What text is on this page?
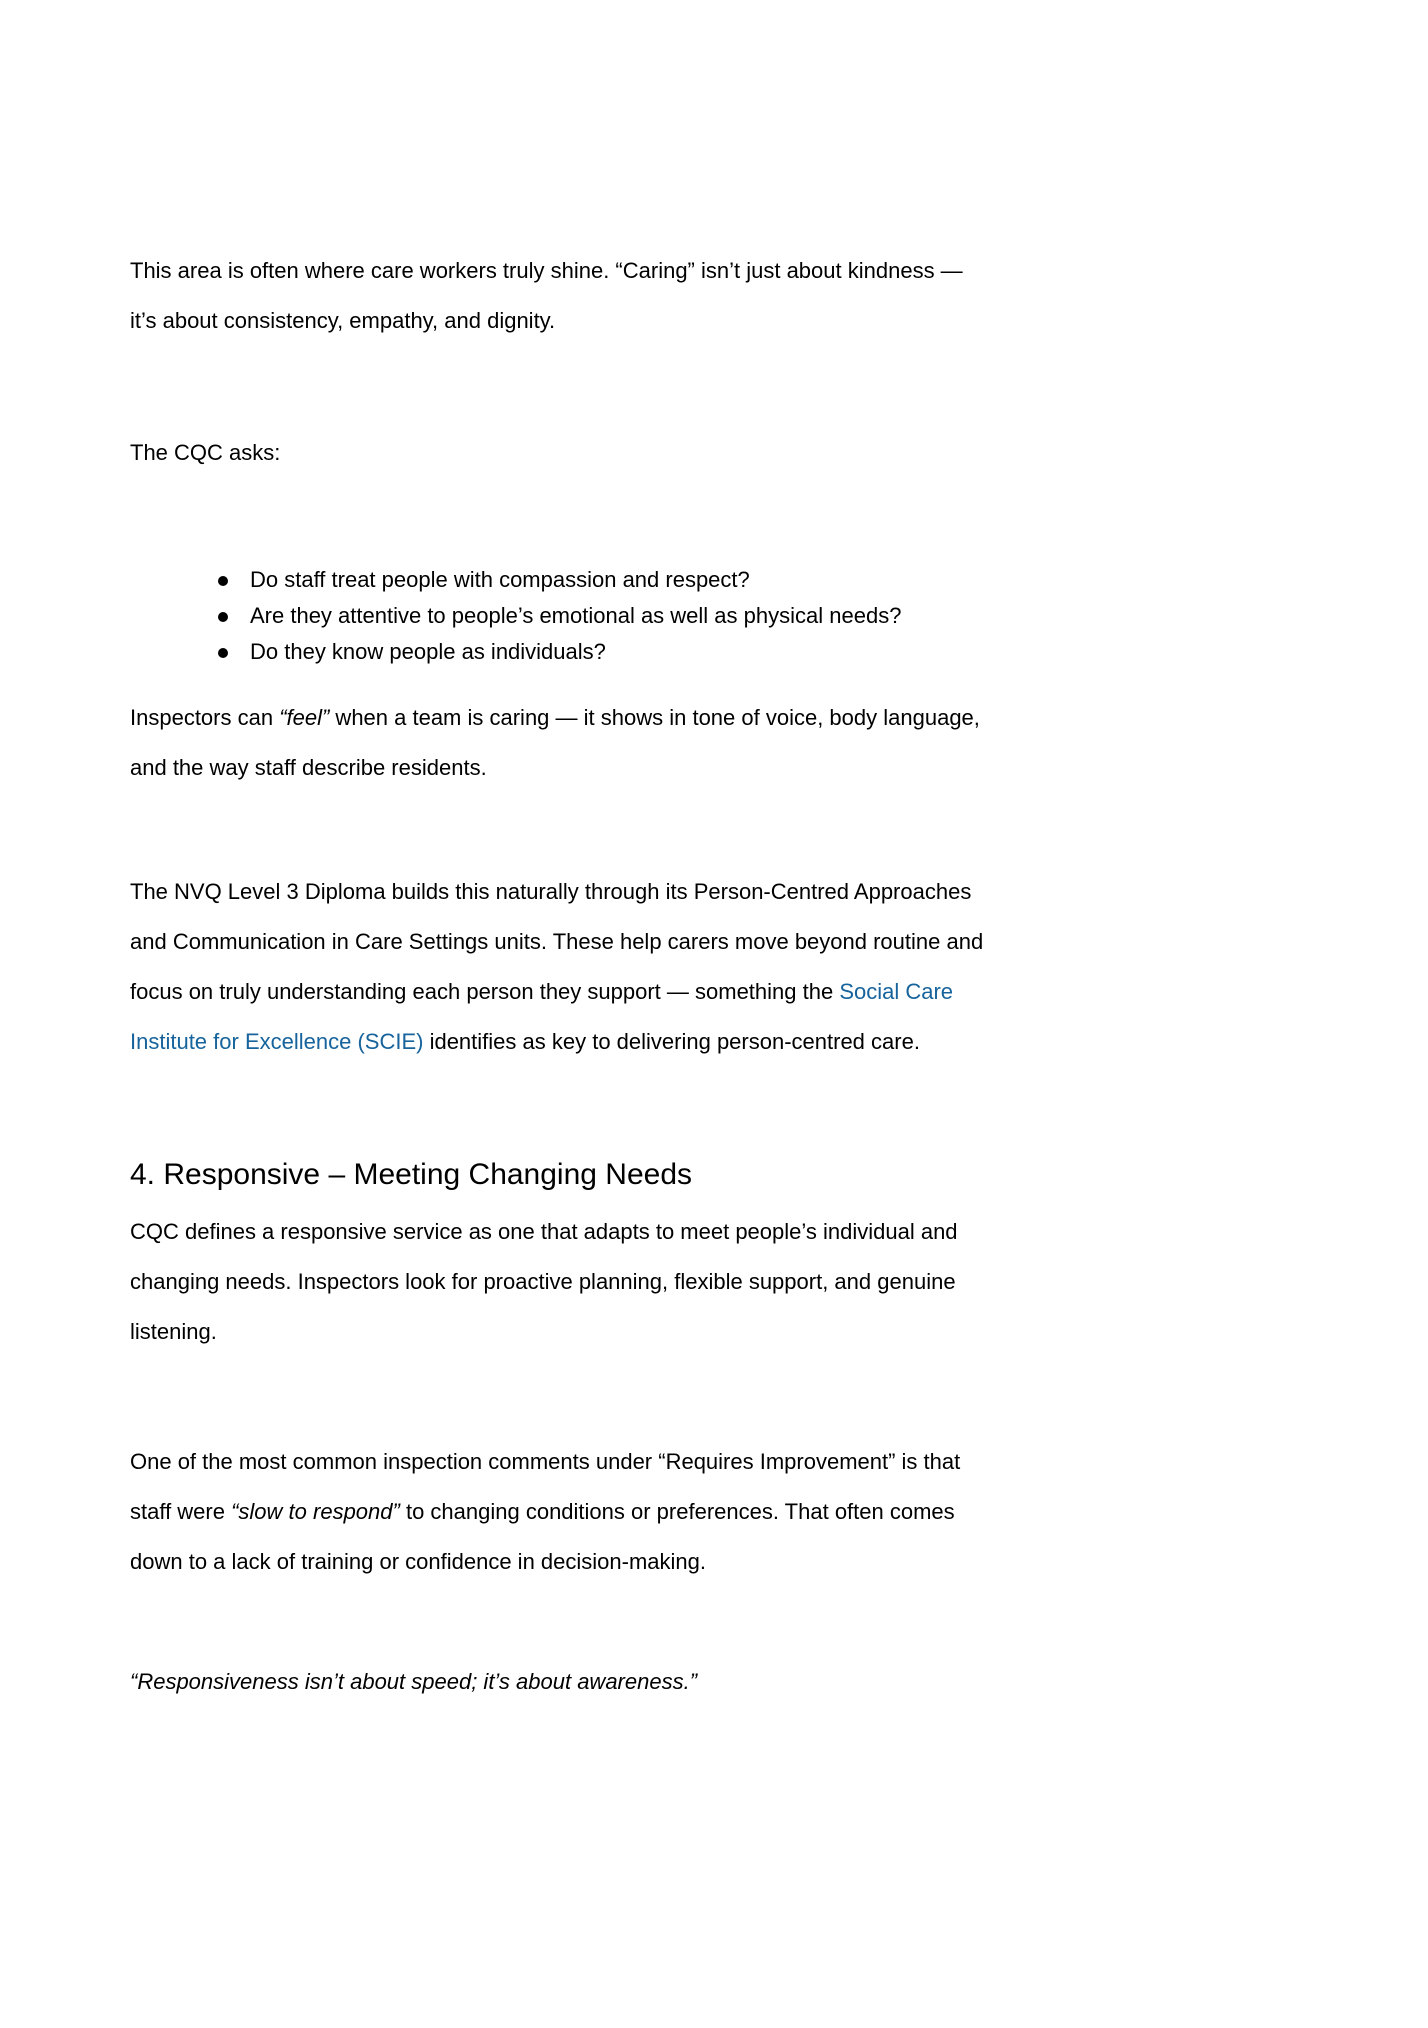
This area is often where care workers truly shine. “Caring” isn’t just about kindness —
it’s about consistency, empathy, and dignity.
The CQC asks:
Do staff treat people with compassion and respect?
Are they attentive to people’s emotional as well as physical needs?
Do they know people as individuals?
Inspectors can “feel” when a team is caring — it shows in tone of voice, body language,
and the way staff describe residents.
The NVQ Level 3 Diploma builds this naturally through its Person-Centred Approaches
and Communication in Care Settings units. These help carers move beyond routine and
focus on truly understanding each person they support — something the Social Care
Institute for Excellence (SCIE) identifies as key to delivering person-centred care.
4. Responsive – Meeting Changing Needs
CQC defines a responsive service as one that adapts to meet people’s individual and
changing needs. Inspectors look for proactive planning, flexible support, and genuine
listening.
One of the most common inspection comments under “Requires Improvement” is that
staff were “slow to respond” to changing conditions or preferences. That often comes
down to a lack of training or confidence in decision-making.
“Responsiveness isn’t about speed; it’s about awareness.”
